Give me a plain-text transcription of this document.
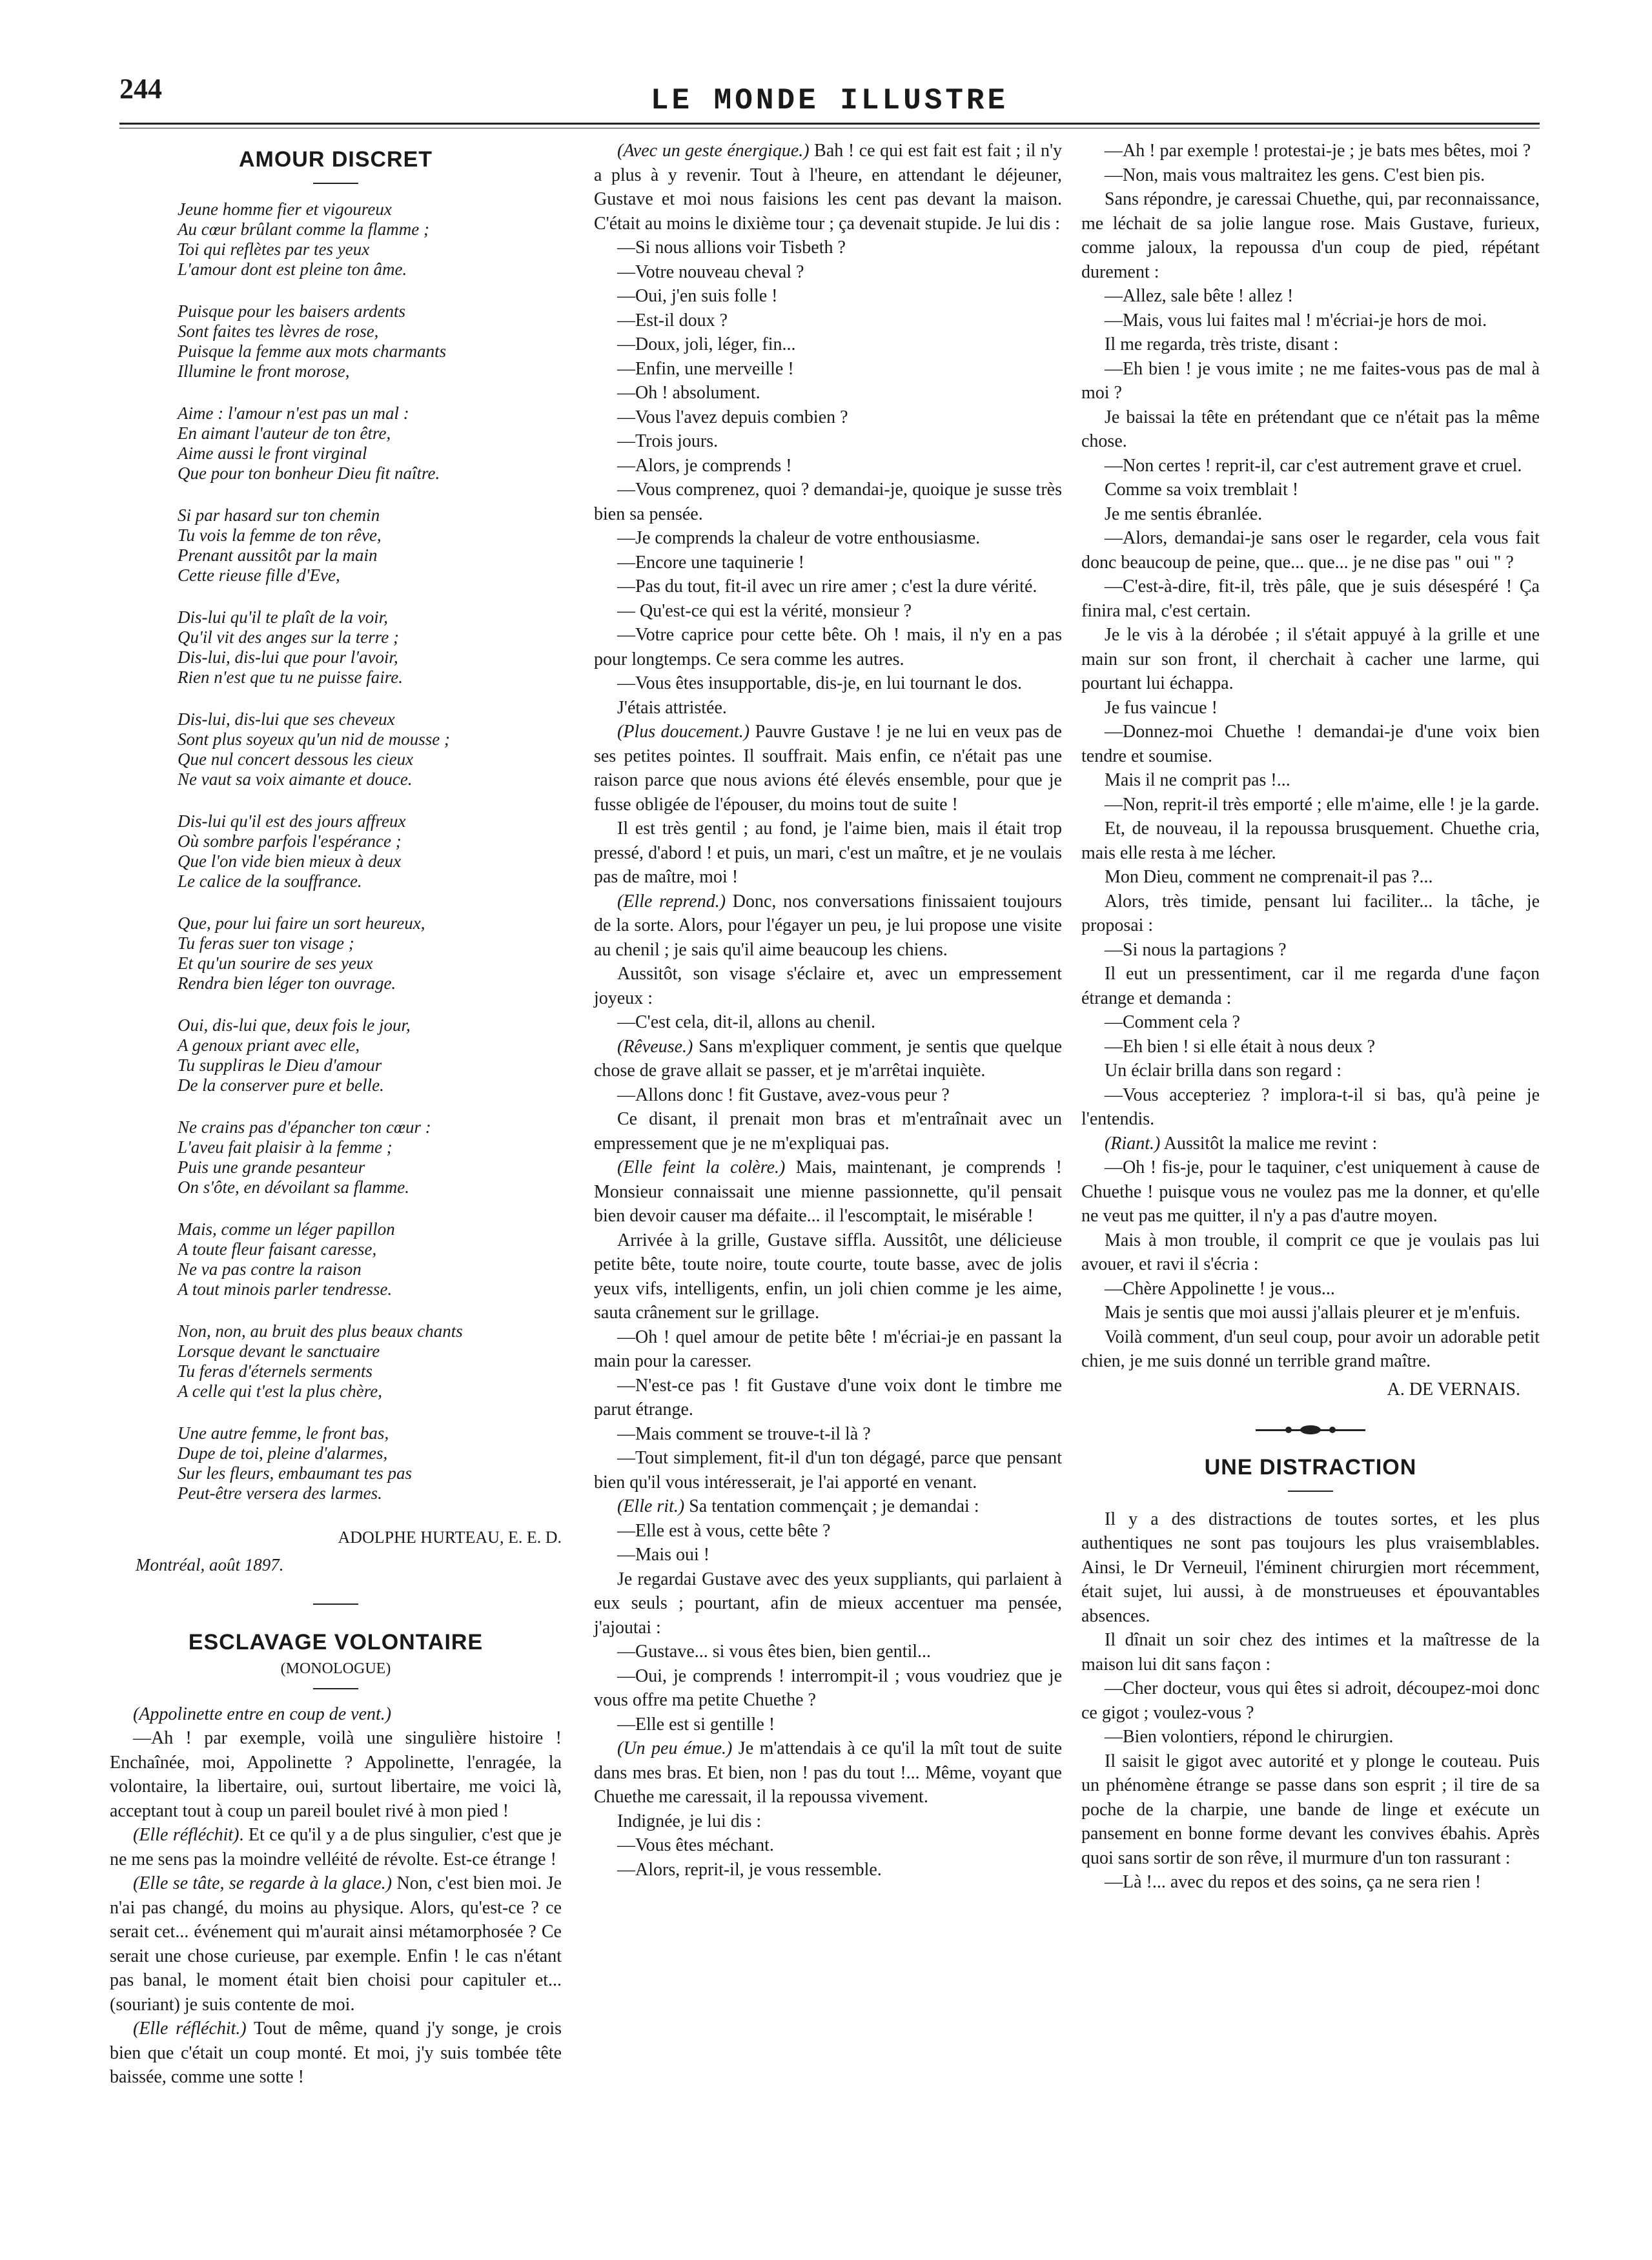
244	LE MONDE ILLUSTRE
AMOUR DISCRET
Jeune homme fier et vigoureux
Au cœur brûlant comme la flamme ;
Toi qui reflètes par tes yeux
L'amour dont est pleine ton âme.
Puisque pour les baisers ardents
Sont faites tes lèvres de rose,
Puisque la femme aux mots charmants
Illumine le front morose,
Aime : l'amour n'est pas un mal :
En aimant l'auteur de ton être,
Aime aussi le front virginal
Que pour ton bonheur Dieu fit naître.
Si par hasard sur ton chemin
Tu vois la femme de ton rêve,
Prenant aussitôt par la main
Cette rieuse fille d'Eve,
Dis-lui qu'il te plaît de la voir,
Qu'il vit des anges sur la terre ;
Dis-lui, dis-lui que pour l'avoir,
Rien n'est que tu ne puisse faire.
Dis-lui, dis-lui que ses cheveux
Sont plus soyeux qu'un nid de mousse ;
Que nul concert dessous les cieux
Ne vaut sa voix aimante et douce.
Dis-lui qu'il est des jours affreux
Où sombre parfois l'espérance ;
Que l'on vide bien mieux à deux
Le calice de la souffrance.
Que, pour lui faire un sort heureux,
Tu feras suer ton visage ;
Et qu'un sourire de ses yeux
Rendra bien léger ton ouvrage.
Oui, dis-lui que, deux fois le jour,
A genoux priant avec elle,
Tu suppliras le Dieu d'amour
De la conserver pure et belle.
Ne crains pas d'épancher ton cœur :
L'aveu fait plaisir à la femme ;
Puis une grande pesanteur
On s'ôte, en dévoilant sa flamme.
Mais, comme un léger papillon
A toute fleur faisant caresse,
Ne va pas contre la raison
A tout minois parler tendresse.
Non, non, au bruit des plus beaux chants
Lorsque devant le sanctuaire
Tu feras d'éternels serments
A celle qui t'est la plus chère,
Une autre femme, le front bas,
Dupe de toi, pleine d'alarmes,
Sur les fleurs, embaumant tes pas
Peut-être versera des larmes.
ADOLPHE HURTEAU, E. E. D.
Montréal, août 1897.
ESCLAVAGE VOLONTAIRE
(MONOLOGUE)

(Appolinette entre en coup de vent.)

—Ah ! par exemple, voilà une singulière histoire ! Enchaînée, moi, Appolinette ? Appolinette, l'enragée, la volontaire, la libertaire, oui, surtout libertaire, me voici là, acceptant tout à coup un pareil boulet rivé à mon pied !

(Elle réfléchit). Et ce qu'il y a de plus singulier, c'est que je ne me sens pas la moindre velléité de révolte. Est-ce étrange !

(Elle se tâte, se regarde à la glace.) Non, c'est bien moi. Je n'ai pas changé, du moins au physique. Alors, qu'est-ce ? ce serait cet... événement qui m'aurait ainsi métamorphosée ? Ce serait une chose curieuse, par exemple. Enfin ! le cas n'étant pas banal, le moment était bien choisi pour capituler et...(souriant) je suis contente de moi.

(Elle réfléchit.) Tout de même, quand j'y songe, je crois bien que c'était un coup monté. Et moi, j'y suis tombée tête baissée, comme une sotte !

(Avec un geste énergique.) Bah ! ce qui est fait est fait ; il n'y a plus à y revenir. Tout à l'heure, en attendant le déjeuner, Gustave et moi nous faisions les cent pas devant la maison. C'était au moins le dixième tour ; ça devenait stupide. Je lui dis :

—Si nous allions voir Tisbeth ?

—Votre nouveau cheval ?

—Oui, j'en suis folle !

—Est-il doux ?

—Doux, joli, léger, fin...

—Enfin, une merveille !

—Oh ! absolument.

—Vous l'avez depuis combien ?

—Trois jours.

—Alors, je comprends !

—Vous comprenez, quoi ? demandai-je, quoique je susse très bien sa pensée.

—Je comprends la chaleur de votre enthousiasme.

—Encore une taquinerie !

—Pas du tout, fit-il avec un rire amer ; c'est la dure vérité.

— Qu'est-ce qui est la vérité, monsieur ?

—Votre caprice pour cette bête. Oh ! mais, il n'y en a pas pour longtemps. Ce sera comme les autres.

—Vous êtes insupportable, dis-je, en lui tournant le dos.

J'étais attristée.

(Plus doucement.) Pauvre Gustave ! je ne lui en veux pas de ses petites pointes. Il souffrait. Mais enfin, ce n'était pas une raison parce que nous avions été élevés ensemble, pour que je fusse obligée de l'épouser, du moins tout de suite !

Il est très gentil ; au fond, je l'aime bien, mais il était trop pressé, d'abord ! et puis, un mari, c'est un maître, et je ne voulais pas de maître, moi !

(Elle reprend.) Donc, nos conversations finissaient toujours de la sorte. Alors, pour l'égayer un peu, je lui propose une visite au chenil ; je sais qu'il aime beaucoup les chiens.

Aussitôt, son visage s'éclaire et, avec un empressement joyeux :

—C'est cela, dit-il, allons au chenil.

(Rêveuse.) Sans m'expliquer comment, je sentis que quelque chose de grave allait se passer, et je m'arrêtai inquiète.

—Allons donc ! fit Gustave, avez-vous peur ?

Ce disant, il prenait mon bras et m'entraînait avec un empressement que je ne m'expliquai pas.

(Elle feint la colère.) Mais, maintenant, je comprends ! Monsieur connaissait une mienne passionnette, qu'il pensait bien devoir causer ma défaite... il l'escomptait, le misérable !

Arrivée à la grille, Gustave siffla. Aussitôt, une délicieuse petite bête, toute noire, toute courte, toute basse, avec de jolis yeux vifs, intelligents, enfin, un joli chien comme je les aime, sauta crânement sur le grillage.

—Oh ! quel amour de petite bête ! m'écriai-je en passant la main pour la caresser.

—N'est-ce pas ! fit Gustave d'une voix dont le timbre me parut étrange.

—Mais comment se trouve-t-il là ?

—Tout simplement, fit-il d'un ton dégagé, parce que pensant bien qu'il vous intéresserait, je l'ai apporté en venant.

(Elle rit.) Sa tentation commençait ; je demandai :

—Elle est à vous, cette bête ?

—Mais oui !

Je regardai Gustave avec des yeux suppliants, qui parlaient à eux seuls ; pourtant, afin de mieux accentuer ma pensée, j'ajoutai :

—Gustave... si vous êtes bien, bien gentil...

—Oui, je comprends ! interrompit-il ; vous voudriez que je vous offre ma petite Chuethe ?

—Elle est si gentille !

(Un peu émue.) Je m'attendais à ce qu'il la mît tout de suite dans mes bras. Et bien, non ! pas du tout !... Même, voyant que Chuethe me caressait, il la repoussa vivement.

Indignée, je lui dis :

—Vous êtes méchant.

—Alors, reprit-il, je vous ressemble.

—Ah ! par exemple ! protestai-je ; je bats mes bêtes, moi ?

—Non, mais vous maltraitez les gens. C'est bien pis.

Sans répondre, je caressai Chuethe, qui, par reconnaissance, me léchait de sa jolie langue rose. Mais Gustave, furieux, comme jaloux, la repoussa d'un coup de pied, répétant durement :

—Allez, sale bête ! allez !

—Mais, vous lui faites mal ! m'écriai-je hors de moi.

Il me regarda, très triste, disant :

—Eh bien ! je vous imite ; ne me faites-vous pas de mal à moi ?

Je baissai la tête en prétendant que ce n'était pas la même chose.

—Non certes ! reprit-il, car c'est autrement grave et cruel.

Comme sa voix tremblait !

Je me sentis ébranlée.

—Alors, demandai-je sans oser le regarder, cela vous fait donc beaucoup de peine, que... que... je ne dise pas " oui " ?

—C'est-à-dire, fit-il, très pâle, que je suis désespéré ! Ça finira mal, c'est certain.

Je le vis à la dérobée ; il s'était appuyé à la grille et une main sur son front, il cherchait à cacher une larme, qui pourtant lui échappa.

Je fus vaincue !

—Donnez-moi Chuethe ! demandai-je d'une voix bien tendre et soumise.

Mais il ne comprit pas !...

—Non, reprit-il très emporté ; elle m'aime, elle ! je la garde.

Et, de nouveau, il la repoussa brusquement. Chuethe cria, mais elle resta à me lécher.

Mon Dieu, comment ne comprenait-il pas ?...

Alors, très timide, pensant lui faciliter... la tâche, je proposai :

—Si nous la partagions ?

Il eut un pressentiment, car il me regarda d'une façon étrange et demanda :

—Comment cela ?

—Eh bien ! si elle était à nous deux ?

Un éclair brilla dans son regard :

—Vous accepteriez ? implora-t-il si bas, qu'à peine je l'entendis.

(Riant.) Aussitôt la malice me revint :

—Oh ! fis-je, pour le taquiner, c'est uniquement à cause de Chuethe ! puisque vous ne voulez pas me la donner, et qu'elle ne veut pas me quitter, il n'y a pas d'autre moyen.

Mais à mon trouble, il comprit ce que je voulais pas lui avouer, et ravi il s'écria :

—Chère Appolinette ! je vous...

Mais je sentis que moi aussi j'allais pleurer et je m'enfuis.

Voilà comment, d'un seul coup, pour avoir un adorable petit chien, je me suis donné un terrible grand maître.

A. DE VERNAIS.
UNE DISTRACTION

Il y a des distractions de toutes sortes, et les plus authentiques ne sont pas toujours les plus vraisemblables. Ainsi, le Dr Verneuil, l'éminent chirurgien mort récemment, était sujet, lui aussi, à de monstrueuses et épouvantables absences.

Il dînait un soir chez des intimes et la maîtresse de la maison lui dit sans façon :

—Cher docteur, vous qui êtes si adroit, découpez-moi donc ce gigot ; voulez-vous ?

—Bien volontiers, répond le chirurgien.

Il saisit le gigot avec autorité et y plonge le couteau. Puis un phénomène étrange se passe dans son esprit ; il tire de sa poche de la charpie, une bande de linge et exécute un pansement en bonne forme devant les convives ébahis. Après quoi sans sortir de son rêve, il murmure d'un ton rassurant :

—Là !... avec du repos et des soins, ça ne sera rien !
